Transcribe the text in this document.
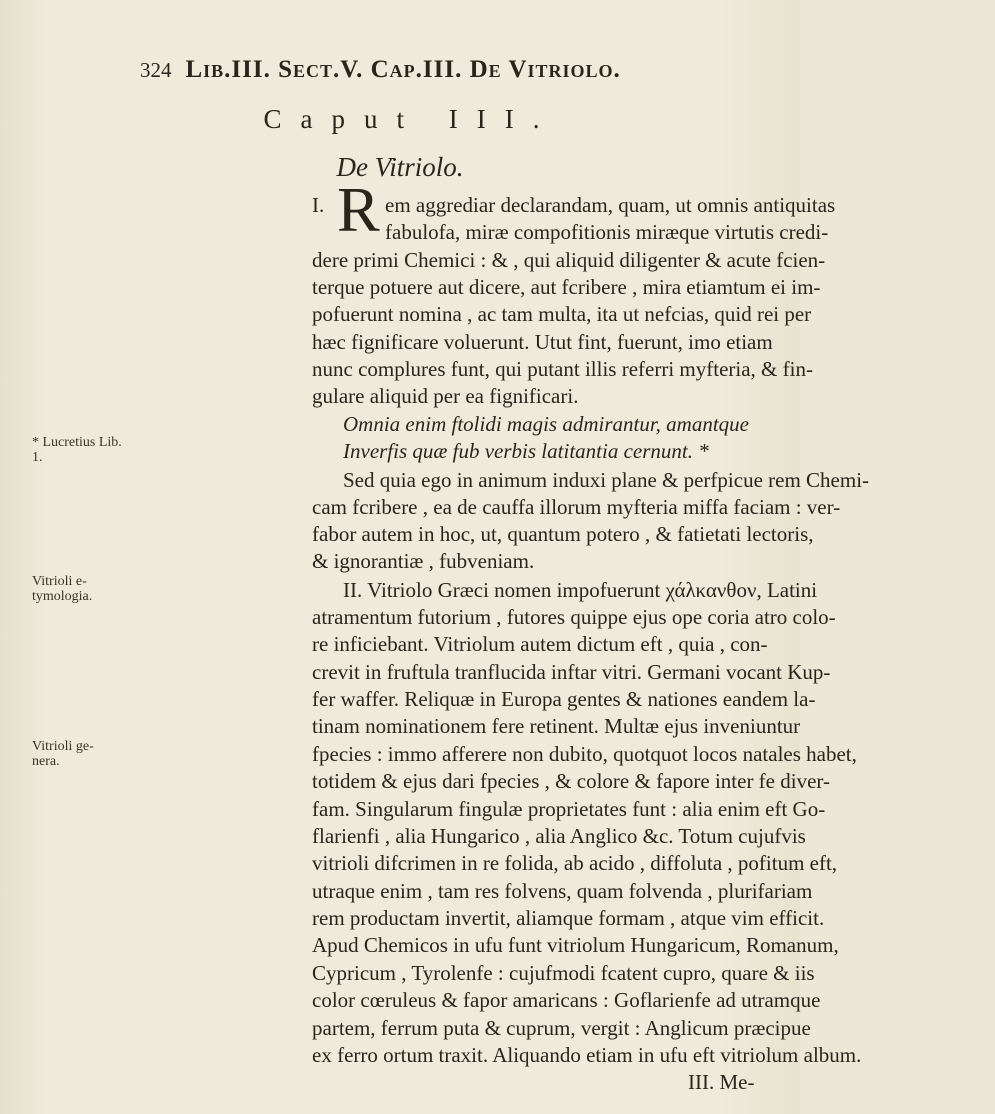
324 Lib.III. Sect.V. Cap.III. De Vitriolo.
Caput III.
De Vitriolo.
I. R em aggrediar declarandam, quam, ut omnis antiquitas
fabulofa, miræ compofitionis miræque virtutis credi-
dere primi Chemici : & , qui aliquid diligenter & acute fcien-
terque potuere aut dicere, aut fcribere , mira etiamtum ei im-
pofuerunt nomina , ac tam multa, ita ut nefcias, quid rei per
hæc fignificare voluerunt. Utut fint, fuerunt, imo etiam
nunc complures funt, qui putant illis referri myfteria, & fin-
gulare aliquid per ea fignificari.
Omnia enim ftolidi magis admirantur, amantque
Inverfis quæ fub verbis latitantia cernunt. *
Sed quia ego in animum induxi plane & perfpicue rem Chemi-
cam fcribere , ea de cauffa illorum myfteria miffa faciam : ver-
fabor autem in hoc, ut, quantum potero , & fatietati lectoris,
& ignorantiæ , fubveniam.
II. Vitriolo Græci nomen impofuerunt χάλκανθον, Latini
atramentum futorium , futores quippe ejus ope coria atro colo-
re inficiebant. Vitriolum autem dictum eft , quia , con-
crevit in fruftula tranflucida inftar vitri. Germani vocant Kup-
fer waffer. Reliquæ in Europa gentes & nationes eandem la-
tinam nominationem fere retinent. Multæ ejus inveniuntur
fpecies : immo afferere non dubito, quotquot locos natales habet,
totidem & ejus dari fpecies , & colore & fapore inter fe diver-
fam. Singularum fingulæ proprietates funt : alia enim eft Go-
flarienfi , alia Hungarico , alia Anglico &c. Totum cujufvis
vitrioli difcrimen in re folida, ab acido , diffoluta , pofitum eft,
utraque enim , tam res folvens, quam folvenda , plurifariam
rem productam invertit, aliamque formam , atque vim efficit.
Apud Chemicos in ufu funt vitriolum Hungaricum, Romanum,
Cypricum , Tyrolenfe : cujufmodi fcatent cupro, quare & iis
color cœruleus & fapor amaricans : Goflarienfe ad utramque
partem, ferrum puta & cuprum, vergit : Anglicum præcipue
ex ferro ortum traxit. Aliquando etiam in ufu eft vitriolum album.
III. Me-
* Lucretius Lib. 1.
Vitrioli e- tymologia.
Vitrioli ge- nera.
